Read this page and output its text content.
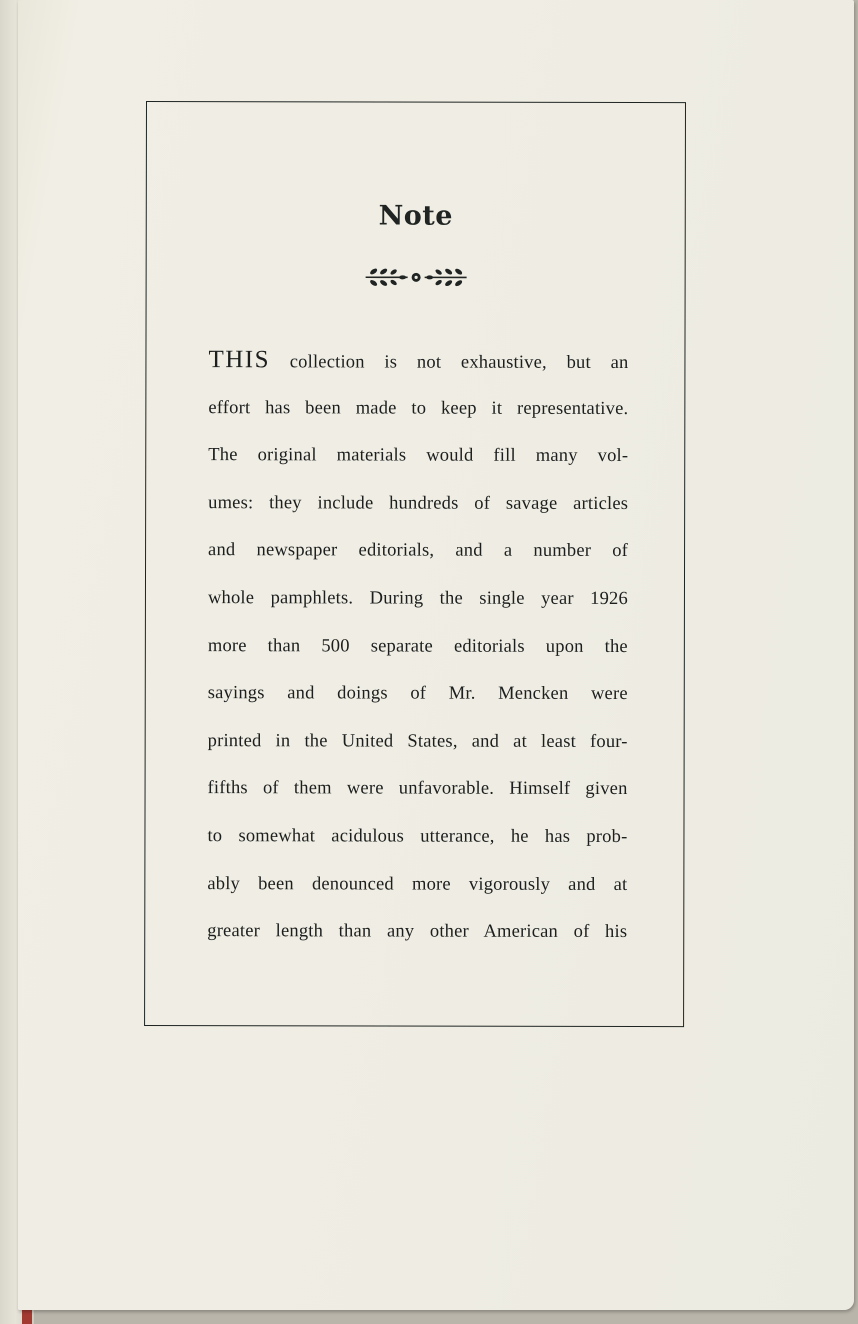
Note
THIS collection is not exhaustive, but an
effort has been made to keep it representative.
The original materials would fill many vol-
umes: they include hundreds of savage articles
and newspaper editorials, and a number of
whole pamphlets. During the single year 1926
more than 500 separate editorials upon the
sayings and doings of Mr. Mencken were
printed in the United States, and at least four-
fifths of them were unfavorable. Himself given
to somewhat acidulous utterance, he has prob-
ably been denounced more vigorously and at
greater length than any other American of his
